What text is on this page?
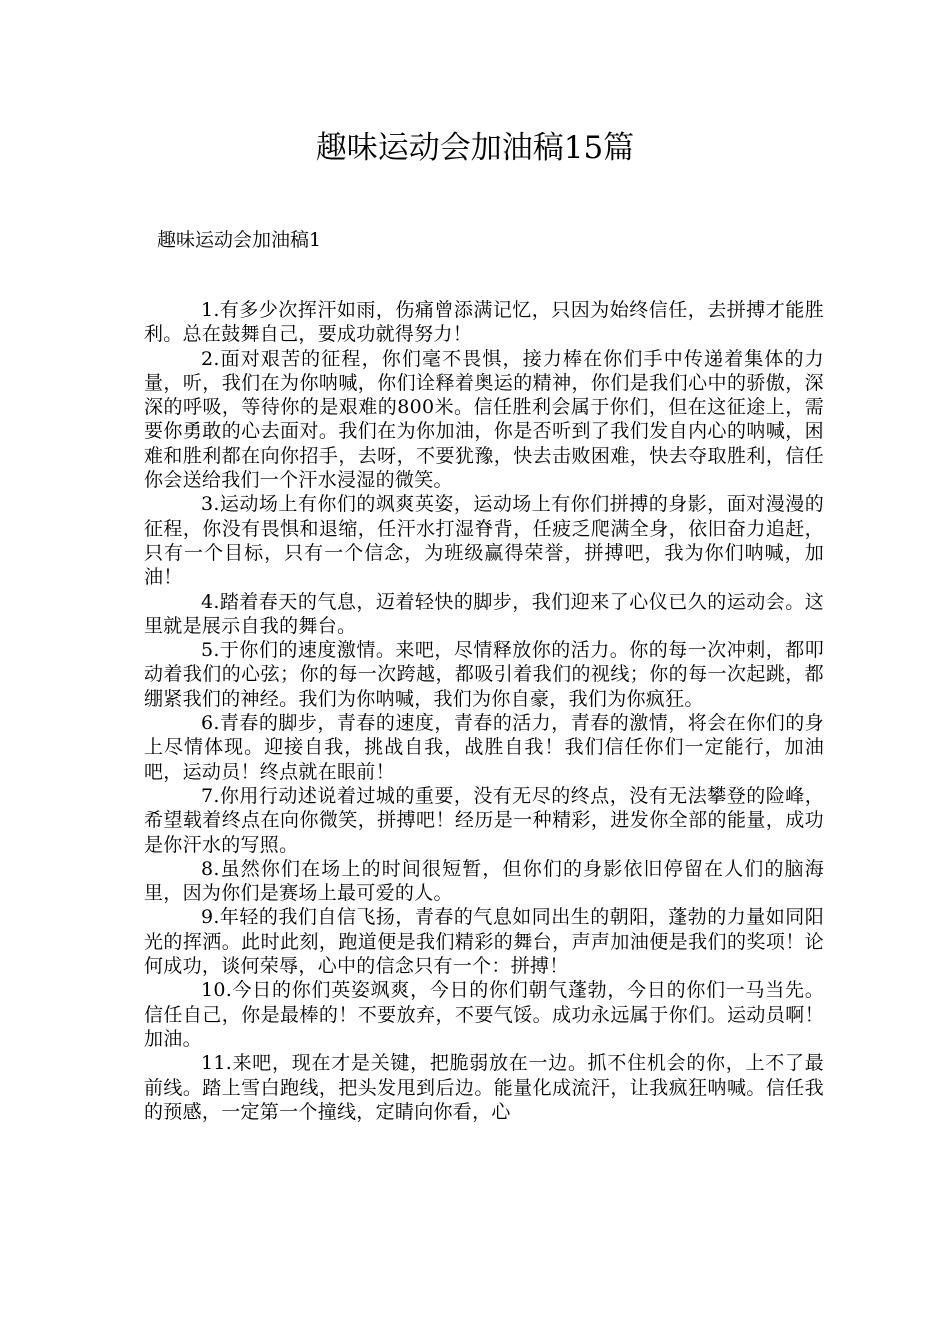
趣味运动会加油稿15篇
趣味运动会加油稿1

1.有多少次挥汗如雨，伤痛曾添满记忆，只因为始终信任，去拼搏才能胜利。总在鼓舞自己，要成功就得努力！

2.面对艰苦的征程，你们毫不畏惧，接力棒在你们手中传递着集体的力量，听，我们在为你呐喊，你们诠释着奥运的精神，你们是我们心中的骄傲，深深的呼吸，等待你的是艰难的800米。信任胜利会属于你们，但在这征途上，需要你勇敢的心去面对。我们在为你加油，你是否听到了我们发自内心的呐喊，困难和胜利都在向你招手，去呀，不要犹豫，快去击败困难，快去夺取胜利，信任你会送给我们一个汗水浸湿的微笑。

3.运动场上有你们的飒爽英姿，运动场上有你们拼搏的身影，面对漫漫的征程，你没有畏惧和退缩，任汗水打湿脊背，任疲乏爬满全身，依旧奋力追赶，只有一个目标，只有一个信念，为班级赢得荣誉，拼搏吧，我为你们呐喊，加油！

4.踏着春天的气息，迈着轻快的脚步，我们迎来了心仪已久的运动会。这里就是展示自我的舞台。

5.于你们的速度激情。来吧，尽情释放你的活力。你的每一次冲刺，都叩动着我们的心弦；你的每一次跨越，都吸引着我们的视线；你的每一次起跳，都绷紧我们的神经。我们为你呐喊，我们为你自豪，我们为你疯狂。

6.青春的脚步，青春的速度，青春的活力，青春的激情，将会在你们的身上尽情体现。迎接自我，挑战自我，战胜自我！我们信任你们一定能行，加油吧，运动员！终点就在眼前！

7.你用行动述说着过城的重要，没有无尽的终点，没有无法攀登的险峰，希望载着终点在向你微笑，拼搏吧！经历是一种精彩，进发你全部的能量，成功是你汗水的写照。

8.虽然你们在场上的时间很短暂，但你们的身影依旧停留在人们的脑海里，因为你们是赛场上最可爱的人。

9.年轻的我们自信飞扬，青春的气息如同出生的朝阳，蓬勃的力量如同阳光的挥洒。此时此刻，跑道便是我们精彩的舞台，声声加油便是我们的奖项！论何成功，谈何荣辱，心中的信念只有一个：拼搏！

10.今日的你们英姿飒爽，今日的你们朝气蓬勃，今日的你们一马当先。信任自己，你是最棒的！不要放弃，不要气馁。成功永远属于你们。运动员啊！加油。

11.来吧，现在才是关键，把脆弱放在一边。抓不住机会的你，上不了最前线。踏上雪白跑线，把头发甩到后边。能量化成流汗，让我疯狂呐喊。信任我的预感，一定第一个撞线，定睛向你看，心
